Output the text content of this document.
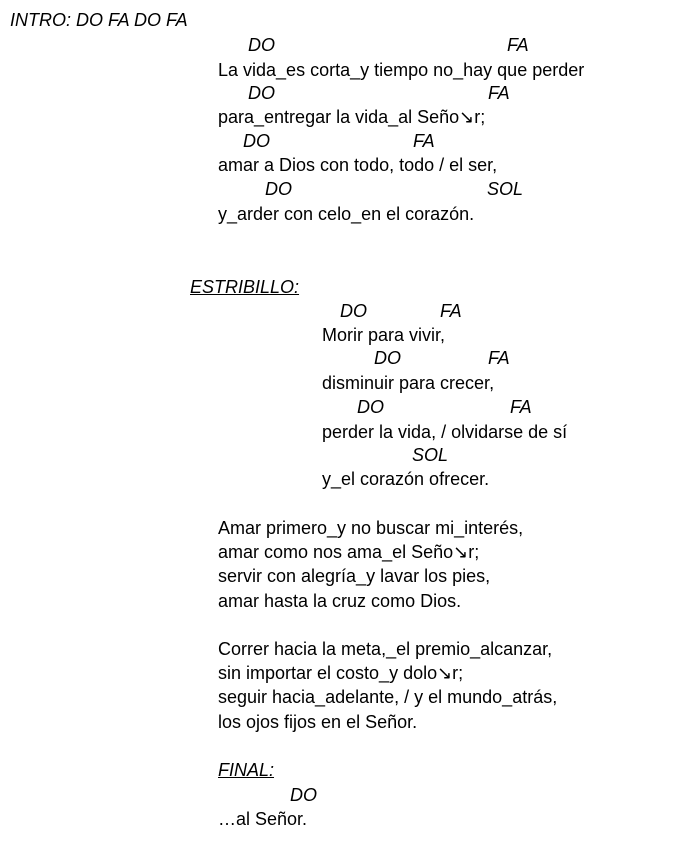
INTRO: DO FA DO FA
DO	FA
La vida_es corta_y tiempo no_hay que perder
DO	FA
para_entregar la vida_al Seño↘r;
DO	FA
amar a Dios con todo, todo / el ser,
DO	SOL
y_arder con celo_en el corazón.
ESTRIBILLO:
DO	FA
Morir para vivir,
DO	FA
disminuir para crecer,
DO	FA
perder la vida, / olvidarse de sí
SOL
y_el corazón ofrecer.
Amar primero_y no buscar mi_interés,
amar como nos ama_el Seño↘r;
servir con alegría_y lavar los pies,
amar hasta la cruz como Dios.
Correr hacia la meta,_el premio_alcanzar,
sin importar el costo_y dolo↘r;
seguir hacia_adelante, / y el mundo_atrás,
los ojos fijos en el Señor.
FINAL:
DO
…al Señor.
